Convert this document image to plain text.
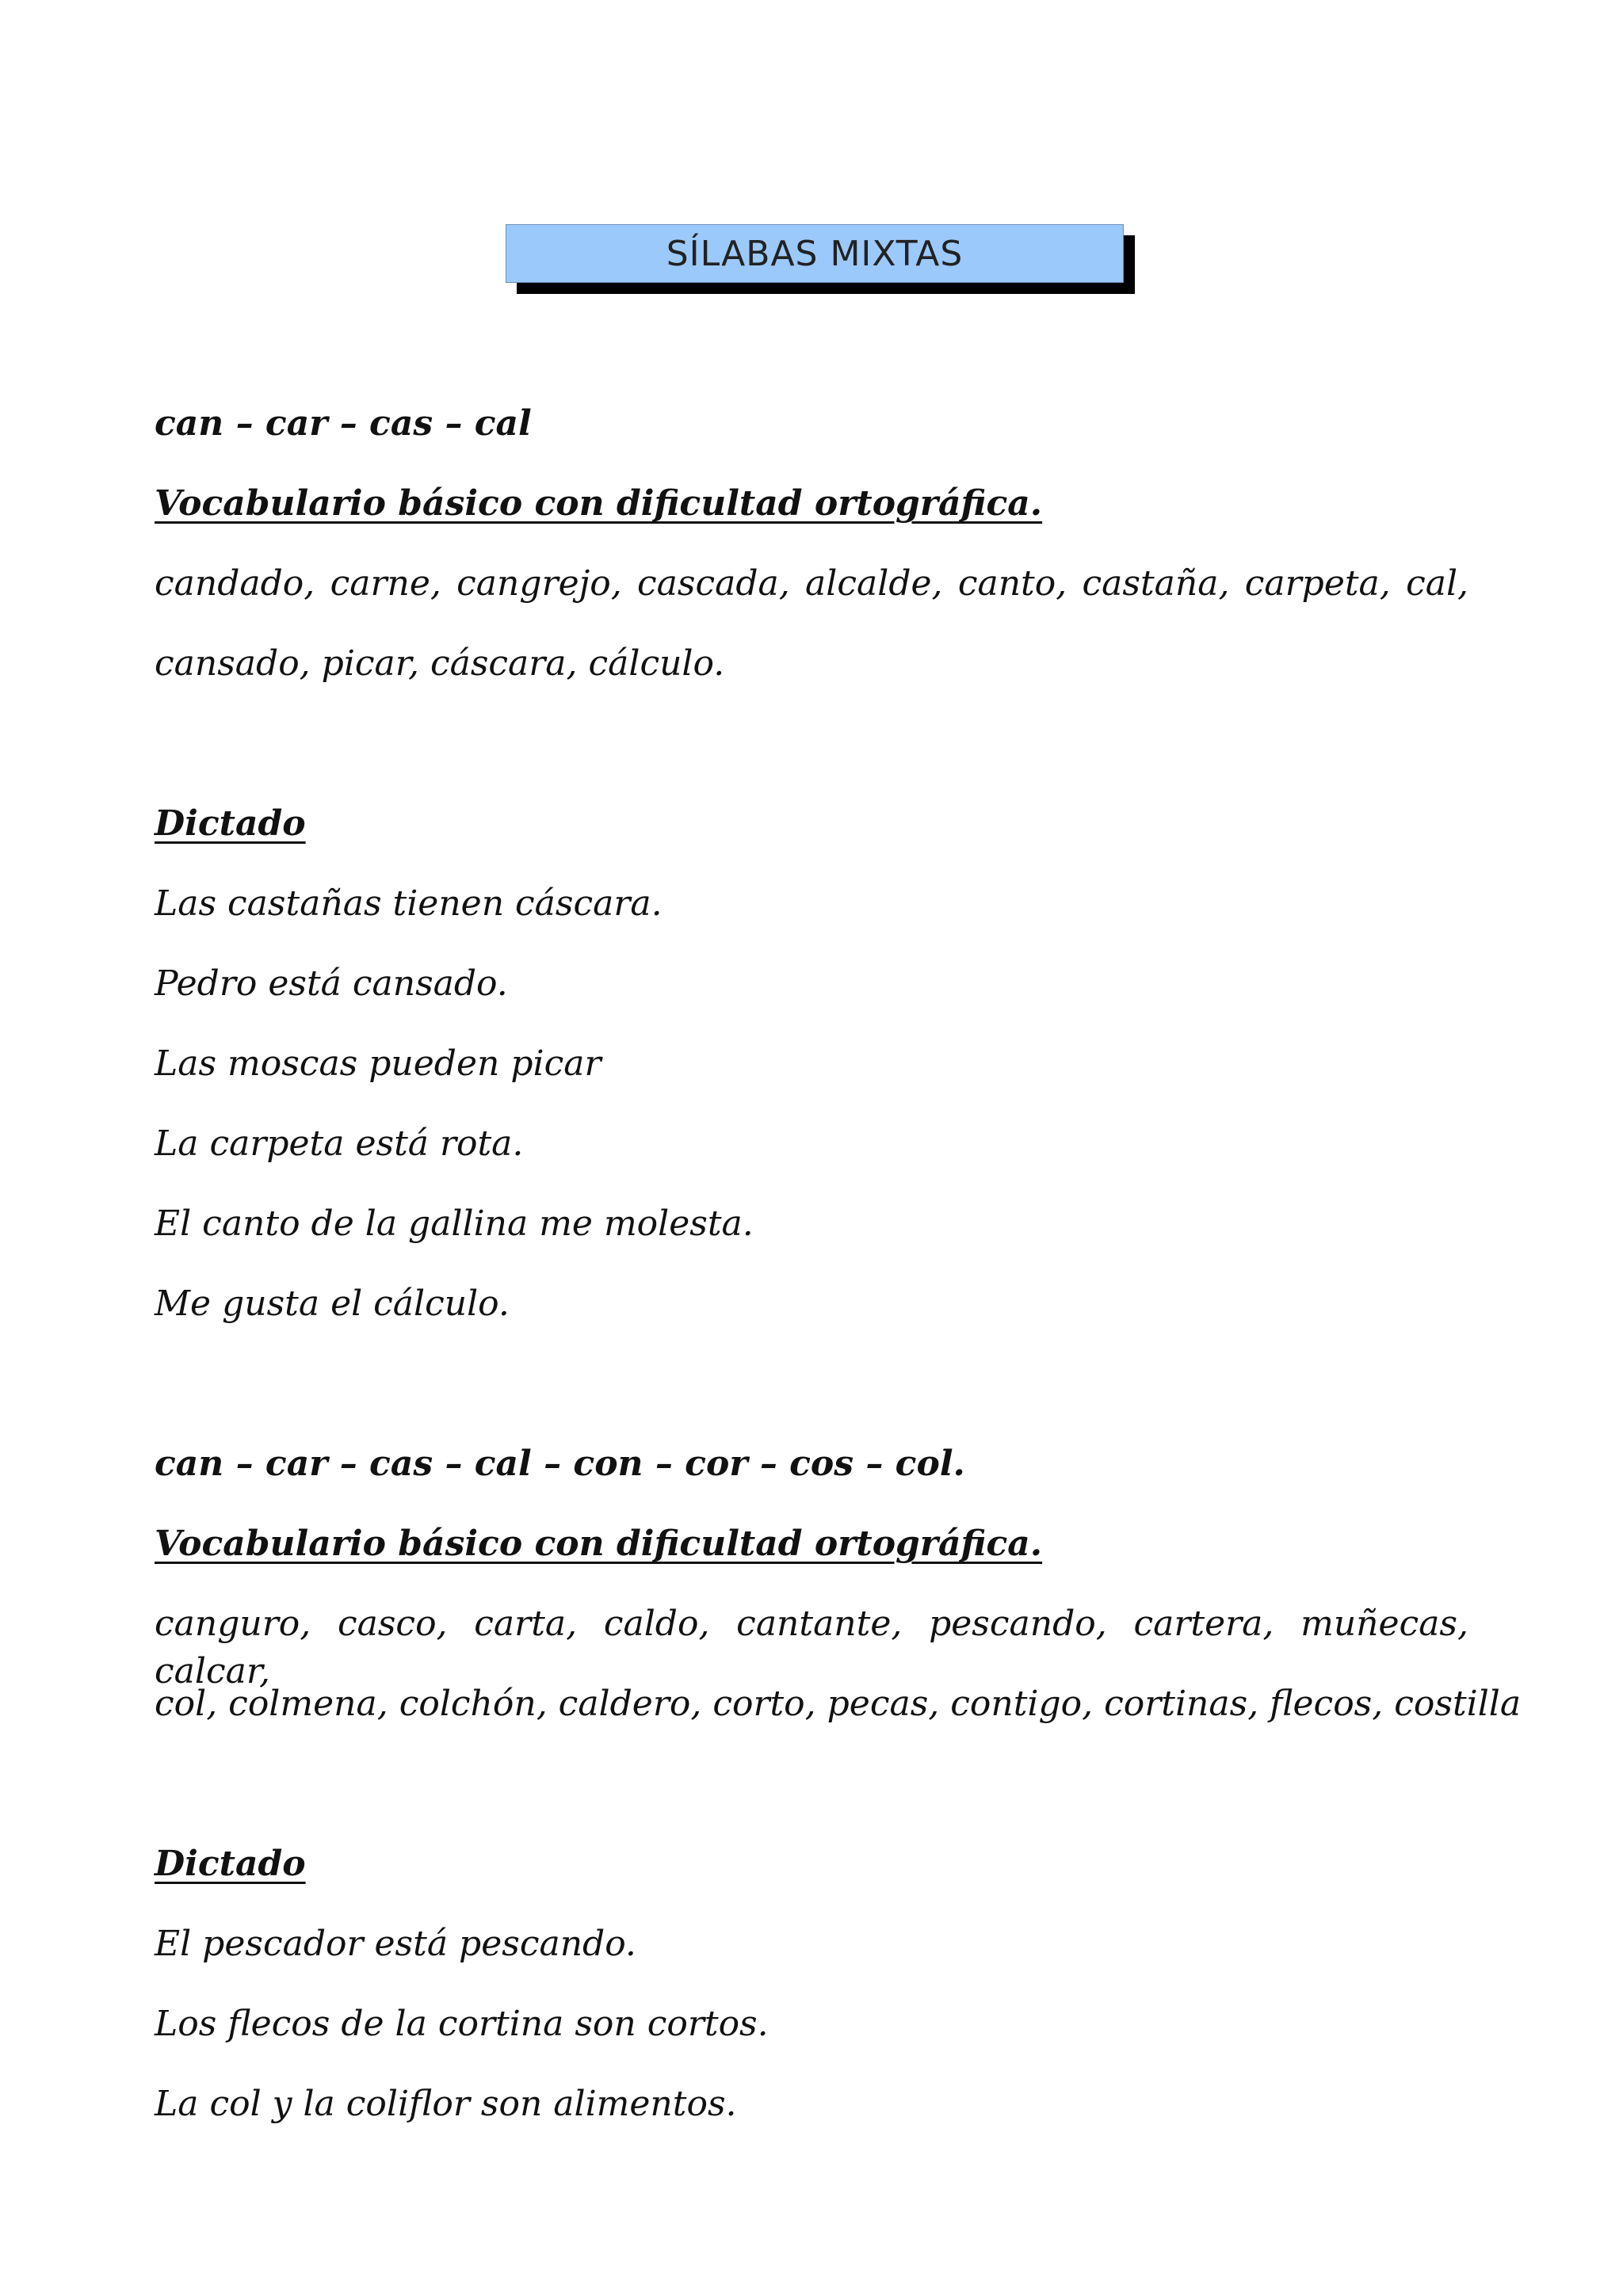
SÍLABAS MIXTAS
can – car – cas – cal
Vocabulario básico con dificultad ortográfica.
candado, carne, cangrejo, cascada, alcalde, canto, castaña, carpeta, cal,
cansado, picar, cáscara, cálculo.
Dictado
Las castañas tienen cáscara.
Pedro está cansado.
Las moscas pueden picar
La carpeta está rota.
El canto de la gallina me molesta.
Me gusta el cálculo.
can – car – cas – cal – con – cor – cos – col.
Vocabulario básico con dificultad ortográfica.
canguro, casco, carta, caldo, cantante, pescando, cartera, muñecas, calcar,
col, colmena, colchón, caldero, corto, pecas, contigo, cortinas, flecos, costilla
Dictado
El pescador está pescando.
Los flecos de la cortina son cortos.
La col y la coliflor son alimentos.
